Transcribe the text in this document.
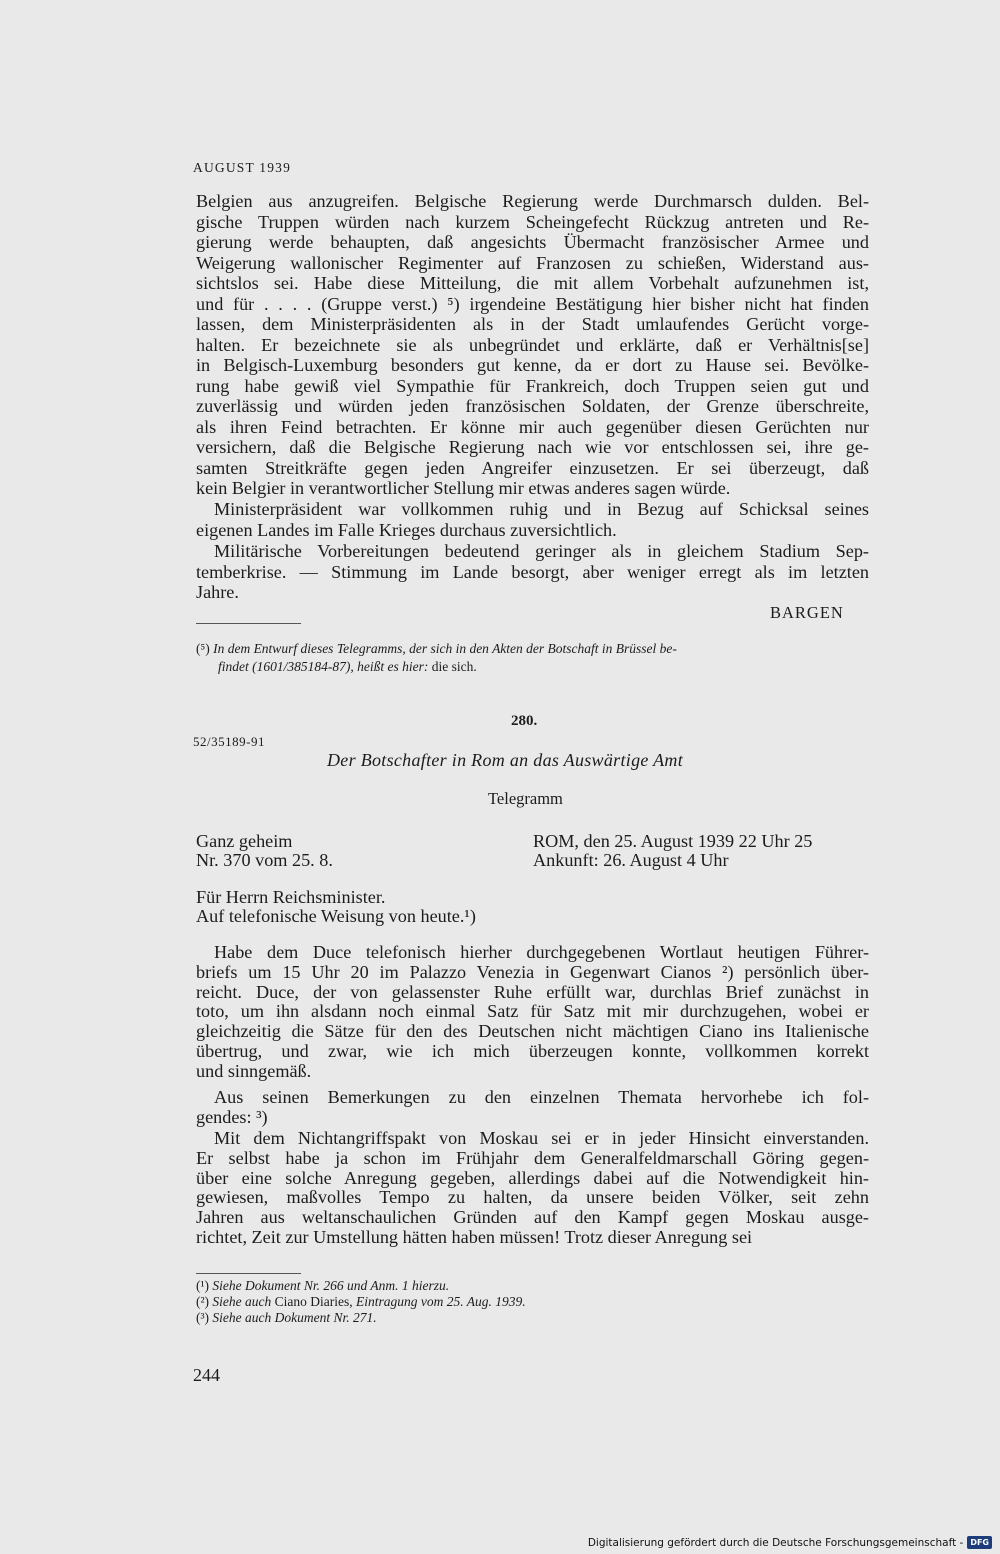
AUGUST 1939
Belgien aus anzugreifen. Belgische Regierung werde Durchmarsch dulden. Bel-
gische Truppen würden nach kurzem Scheingefecht Rückzug antreten und Re-
gierung werde behaupten, daß angesichts Übermacht französischer Armee und
Weigerung wallonischer Regimenter auf Franzosen zu schießen, Widerstand aus-
sichtslos sei. Habe diese Mitteilung, die mit allem Vorbehalt aufzunehmen ist,
und für . . . . (Gruppe verst.) ⁵) irgendeine Bestätigung hier bisher nicht hat finden
lassen, dem Ministerpräsidenten als in der Stadt umlaufendes Gerücht vorge-
halten. Er bezeichnete sie als unbegründet und erklärte, daß er Verhältnis[se]
in Belgisch-Luxemburg besonders gut kenne, da er dort zu Hause sei. Bevölke-
rung habe gewiß viel Sympathie für Frankreich, doch Truppen seien gut und
zuverlässig und würden jeden französischen Soldaten, der Grenze überschreite,
als ihren Feind betrachten. Er könne mir auch gegenüber diesen Gerüchten nur
versichern, daß die Belgische Regierung nach wie vor entschlossen sei, ihre ge-
samten Streitkräfte gegen jeden Angreifer einzusetzen. Er sei überzeugt, daß
kein Belgier in verantwortlicher Stellung mir etwas anderes sagen würde.
Ministerpräsident war vollkommen ruhig und in Bezug auf Schicksal seines
eigenen Landes im Falle Krieges durchaus zuversichtlich.
Militärische Vorbereitungen bedeutend geringer als in gleichem Stadium Sep-
temberkrise. — Stimmung im Lande besorgt, aber weniger erregt als im letzten
Jahre.
BARGEN
(⁵) In dem Entwurf dieses Telegramms, der sich in den Akten der Botschaft in Brüssel be-
findet (1601/385184-87), heißt es hier: die sich.
280.
52/35189-91
Der Botschafter in Rom an das Auswärtige Amt
Telegramm
Ganz geheim
Nr. 370 vom 25. 8.
ROM, den 25. August 1939 22 Uhr 25
Ankunft: 26. August 4 Uhr
Für Herrn Reichsminister.
Auf telefonische Weisung von heute.¹)
Habe dem Duce telefonisch hierher durchgegebenen Wortlaut heutigen Führer-
briefs um 15 Uhr 20 im Palazzo Venezia in Gegenwart Cianos ²) persönlich über-
reicht. Duce, der von gelassenster Ruhe erfüllt war, durchlas Brief zunächst in
toto, um ihn alsdann noch einmal Satz für Satz mit mir durchzugehen, wobei er
gleichzeitig die Sätze für den des Deutschen nicht mächtigen Ciano ins Italienische
übertrug, und zwar, wie ich mich überzeugen konnte, vollkommen korrekt
und sinngemäß.
Aus seinen Bemerkungen zu den einzelnen Themata hervorhebe ich fol-
gendes: ³)
Mit dem Nichtangriffspakt von Moskau sei er in jeder Hinsicht einverstanden.
Er selbst habe ja schon im Frühjahr dem Generalfeldmarschall Göring gegen-
über eine solche Anregung gegeben, allerdings dabei auf die Notwendigkeit hin-
gewiesen, maßvolles Tempo zu halten, da unsere beiden Völker, seit zehn
Jahren aus weltanschaulichen Gründen auf den Kampf gegen Moskau ausge-
richtet, Zeit zur Umstellung hätten haben müssen! Trotz dieser Anregung sei
(¹) Siehe Dokument Nr. 266 und Anm. 1 hierzu.
(²) Siehe auch Ciano Diaries, Eintragung vom 25. Aug. 1939.
(³) Siehe auch Dokument Nr. 271.
244
Digitalisierung gefördert durch die Deutsche Forschungsgemeinschaft - DFG
